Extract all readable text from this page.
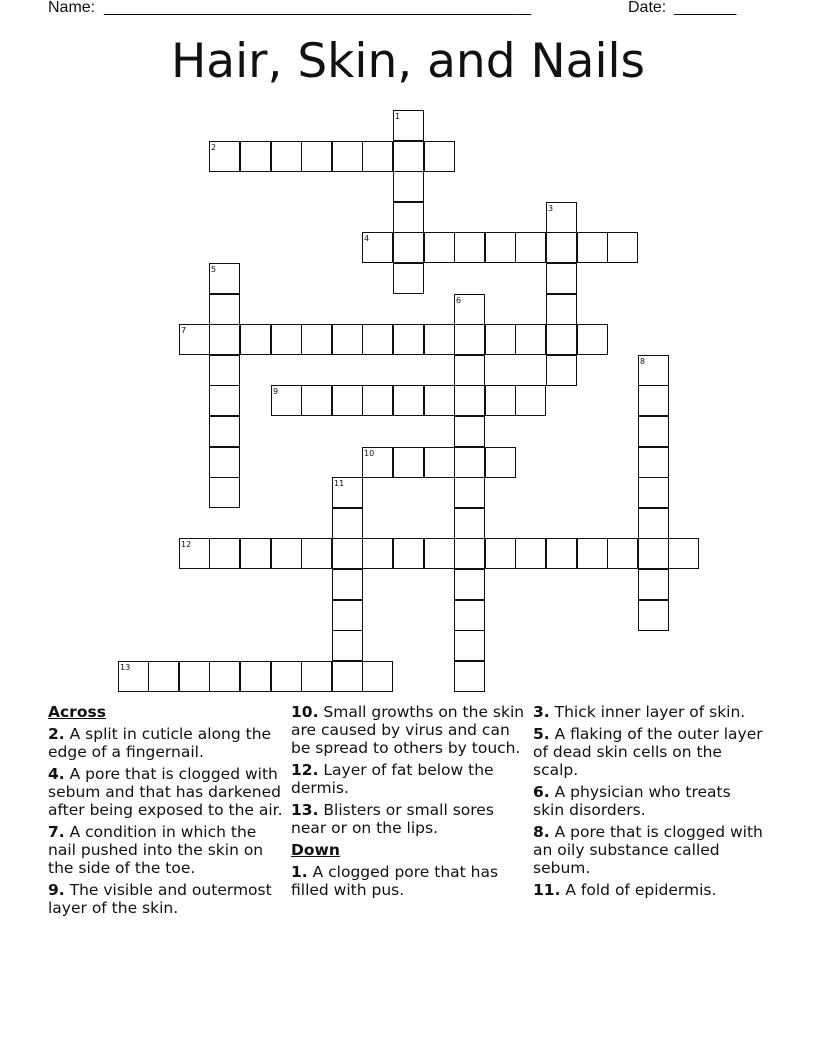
Name: ________________________________________________	Date: _______
Hair, Skin, and Nails
2
4
7
9
10
12
13
1
3
5
6
8
11
Across
2. A split in cuticle along the edge of a fingernail.
4. A pore that is clogged with sebum and that has darkened after being exposed to the air.
7. A condition in which the nail pushed into the skin on the side of the toe.
9. The visible and outermost layer of the skin.
10. Small growths on the skin are caused by virus and can be spread to others by touch.
12. Layer of fat below the dermis.
13. Blisters or small sores near or on the lips.
Down
1. A clogged pore that has filled with pus.
3. Thick inner layer of skin.
5. A flaking of the outer layer of dead skin cells on the scalp.
6. A physician who treats skin disorders.
8. A pore that is clogged with an oily substance called sebum.
11. A fold of epidermis.
